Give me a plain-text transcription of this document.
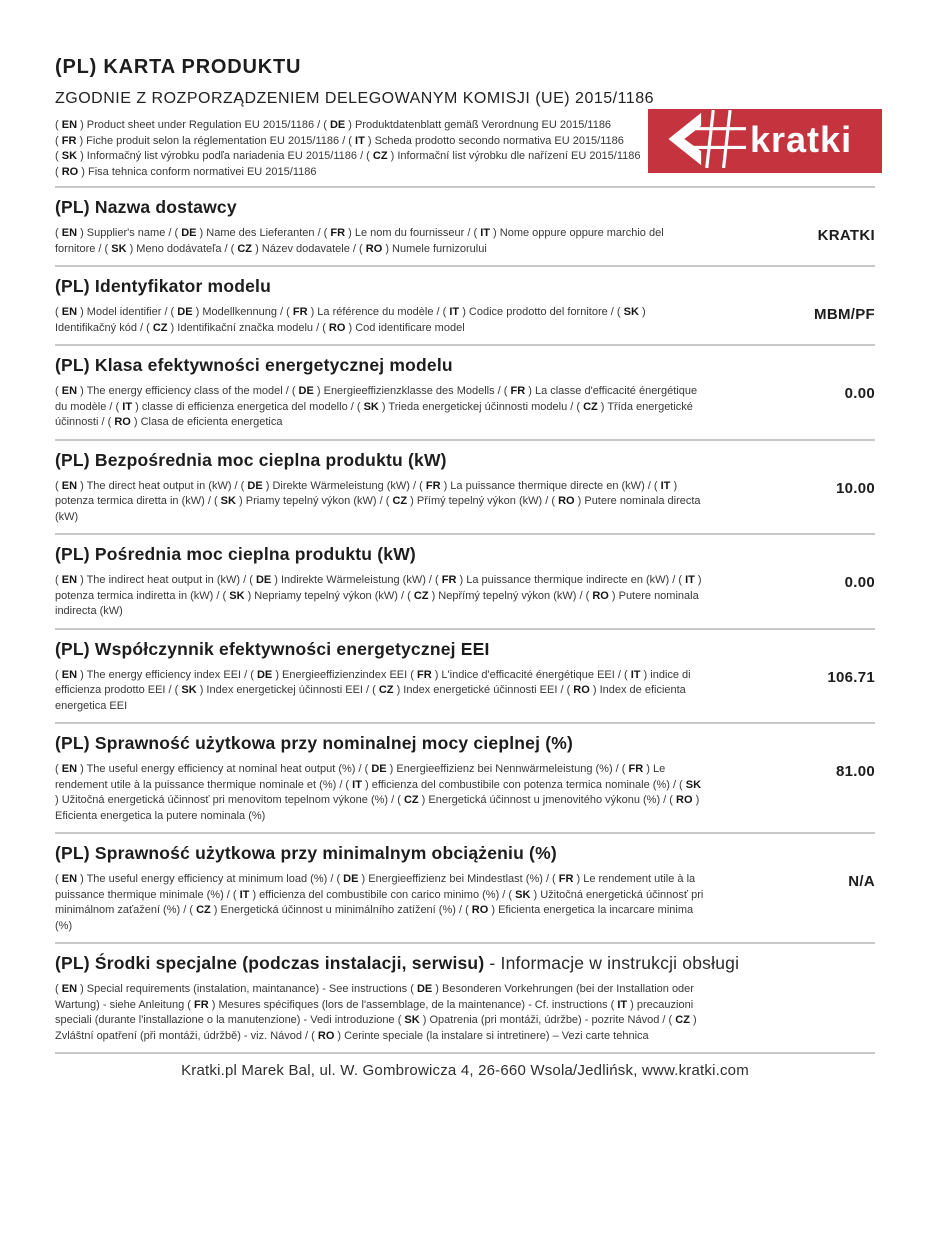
(PL) KARTA PRODUKTU
ZGODNIE Z ROZPORZĄDZENIEM DELEGOWANYM KOMISJI (UE) 2015/1186
kratki

( EN ) Product sheet under Regulation EU 2015/1186 / ( DE ) Produktdatenblatt gemäß Verordnung EU 2015/1186

( FR ) Fiche produit selon la réglementation EU 2015/1186 / ( IT ) Scheda prodotto secondo normativa EU 2015/1186

( SK ) Informačný list výrobku podľa nariadenia EU 2015/1186 / ( CZ ) Informační list výrobku dle nařízení EU 2015/1186

( RO ) Fisa tehnica conform normativei EU 2015/1186

(PL) Nazwa dostawcy
( EN ) Supplier's name / ( DE ) Name des Lieferanten / ( FR ) Le nom du fournisseur / ( IT ) Nome oppure oppure marchio del fornitore / ( SK ) Meno dodávateľa / ( CZ ) Název dodavatele / ( RO ) Numele furnizorului
KRATKI
(PL) Identyfikator modelu
( EN ) Model identifier / ( DE ) Modellkennung / ( FR ) La référence du modèle / ( IT ) Codice prodotto del fornitore / ( SK ) Identifikačný kód / ( CZ ) Identifikační značka modelu / ( RO ) Cod identificare model
MBM/PF
(PL) Klasa efektywności energetycznej modelu
( EN ) The energy efficiency class of the model / ( DE ) Energieeffizienzklasse des Modells / ( FR ) La classe d'efficacité énergétique du modèle / ( IT ) classe di efficienza energetica del modello / ( SK ) Trieda energetickej účinnosti modelu / ( CZ ) Třída energetické účinnosti / ( RO ) Clasa de eficienta energetica
0.00
(PL) Bezpośrednia moc cieplna produktu (kW)
( EN ) The direct heat output in (kW) / ( DE ) Direkte Wärmeleistung (kW) / ( FR ) La puissance thermique directe en (kW) / ( IT ) potenza termica diretta in (kW) / ( SK ) Priamy tepelný výkon (kW) / ( CZ ) Přímý tepelný výkon (kW) / ( RO ) Putere nominala directa (kW)
10.00
(PL) Pośrednia moc cieplna produktu (kW)
( EN ) The indirect heat output in (kW) / ( DE ) Indirekte Wärmeleistung (kW) / ( FR ) La puissance thermique indirecte en (kW) / ( IT ) potenza termica indiretta in (kW) / ( SK ) Nepriamy tepelný výkon (kW) / ( CZ ) Nepřímý tepelný výkon (kW) / ( RO ) Putere nominala indirecta (kW)
0.00
(PL) Współczynnik efektywności energetycznej EEI
( EN ) The energy efficiency index EEI / ( DE ) Energieeffizienzindex EEI ( FR ) L'indice d'efficacité énergétique EEI / ( IT ) indice di efficienza prodotto EEI / ( SK ) Index energetickej účinnosti EEI / ( CZ ) Index energetické účinnosti EEI / ( RO ) Index de eficienta energetica EEI
106.71
(PL) Sprawność użytkowa przy nominalnej mocy cieplnej (%)
( EN ) The useful energy efficiency at nominal heat output (%) / ( DE ) Energieeffizienz bei Nennwärmeleistung (%) / ( FR ) Le rendement utile à la puissance thermique nominale et (%) / ( IT ) efficienza del combustibile con potenza termica nominale (%) / ( SK ) Užitočná energetická účinnosť pri menovitom tepelnom výkone (%) / ( CZ ) Energetická účinnost u jmenovitého výkonu (%) / ( RO ) Eficienta energetica la putere nominala (%)
81.00
(PL) Sprawność użytkowa przy minimalnym obciążeniu (%)
( EN ) The useful energy efficiency at minimum load (%) / ( DE ) Energieeffizienz bei Mindestlast (%) / ( FR ) Le rendement utile à la puissance thermique minimale (%) / ( IT ) efficienza del combustibile con carico minimo (%) / ( SK ) Užitočná energetická účinnosť pri minimálnom zaťažení (%) / ( CZ ) Energetická účinnost u minimálního zatížení (%) / ( RO ) Eficienta energetica la incarcare minima (%)
N/A
(PL) Środki specjalne (podczas instalacji, serwisu) - Informacje w instrukcji obsługi
( EN ) Special requirements (instalation, maintanance) - See instructions ( DE ) Besonderen Vorkehrungen (bei der Installation oder Wartung) - siehe Anleitung ( FR ) Mesures spécifiques (lors de l'assemblage, de la maintenance) - Cf. instructions ( IT ) precauzioni speciali (durante l'installazione o la manutenzione) - Vedi introduzione ( SK ) Opatrenia (pri montáži, údržbe) - pozrite Návod / ( CZ ) Zvláštní opatření (při montáži, údržbě) - viz. Návod / ( RO ) Cerinte speciale (la instalare si intretinere) – Vezi carte tehnica
Kratki.pl Marek Bal, ul. W. Gombrowicza 4, 26-660 Wsola/Jedlińsk, www.kratki.com
